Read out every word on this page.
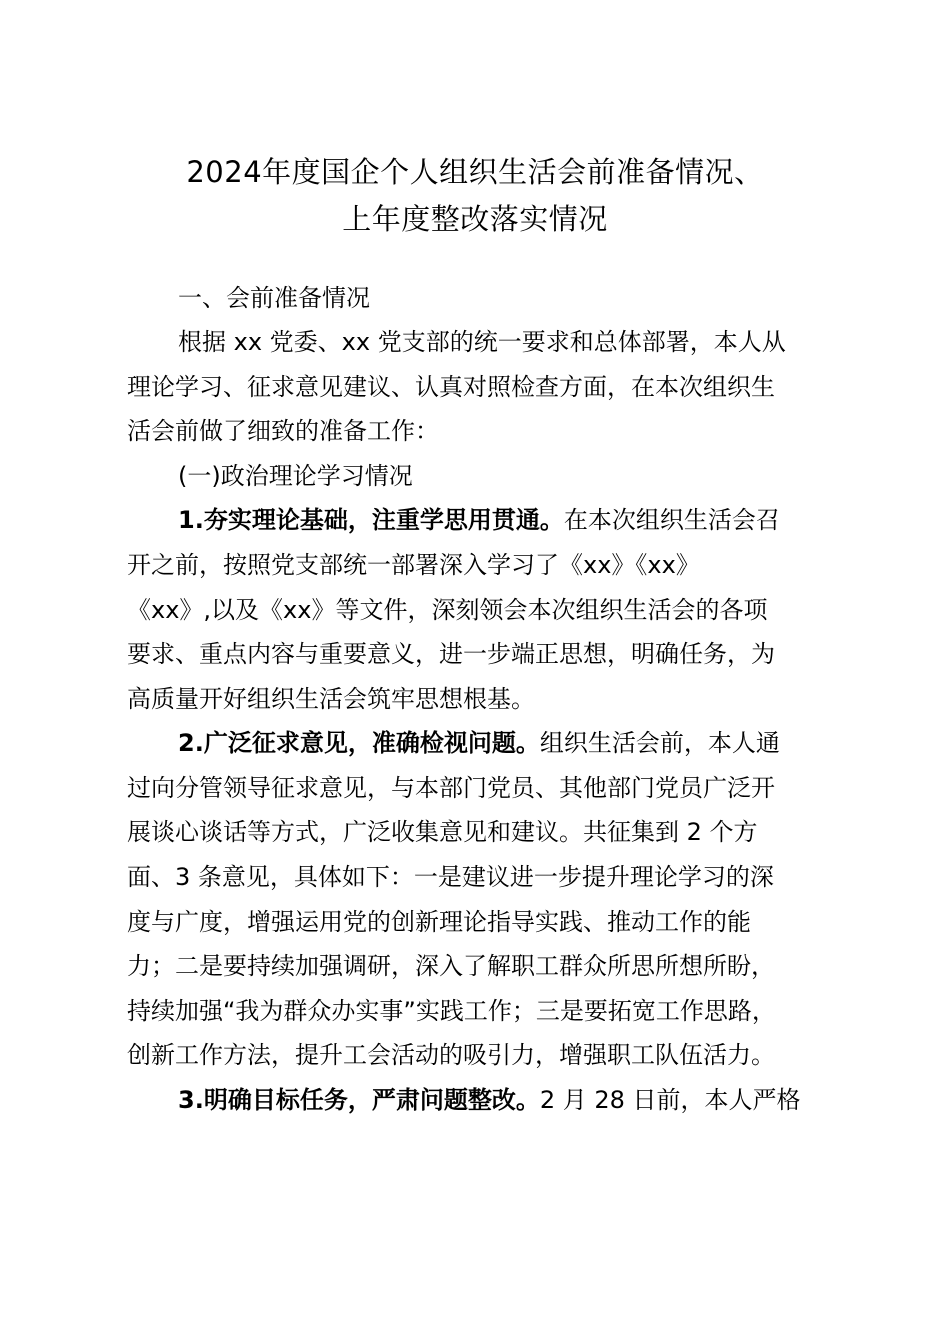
2024年度国企个人组织生活会前准备情况、
上年度整改落实情况

一、会前准备情况

根据 xx 党委、xx 党支部的统一要求和总体部署，本人从

理论学习、征求意见建议、认真对照检查方面，在本次组织生

活会前做了细致的准备工作：

(一)政治理论学习情况

1.夯实理论基础，注重学思用贯通。在本次组织生活会召

开之前，按照党支部统一部署深入学习了《xx》《xx》

《xx》,以及《xx》等文件，深刻领会本次组织生活会的各项

要求、重点内容与重要意义，进一步端正思想，明确任务，为

高质量开好组织生活会筑牢思想根基。

2.广泛征求意见，准确检视问题。组织生活会前，本人通

过向分管领导征求意见，与本部门党员、其他部门党员广泛开

展谈心谈话等方式，广泛收集意见和建议。共征集到 2 个方

面、3 条意见，具体如下：一是建议进一步提升理论学习的深

度与广度，增强运用党的创新理论指导实践、推动工作的能

力；二是要持续加强调研，深入了解职工群众所思所想所盼，

持续加强“我为群众办实事”实践工作；三是要拓宽工作思路，

创新工作方法，提升工会活动的吸引力，增强职工队伍活力。

3.明确目标任务，严肃问题整改。2 月 28 日前，本人严格
